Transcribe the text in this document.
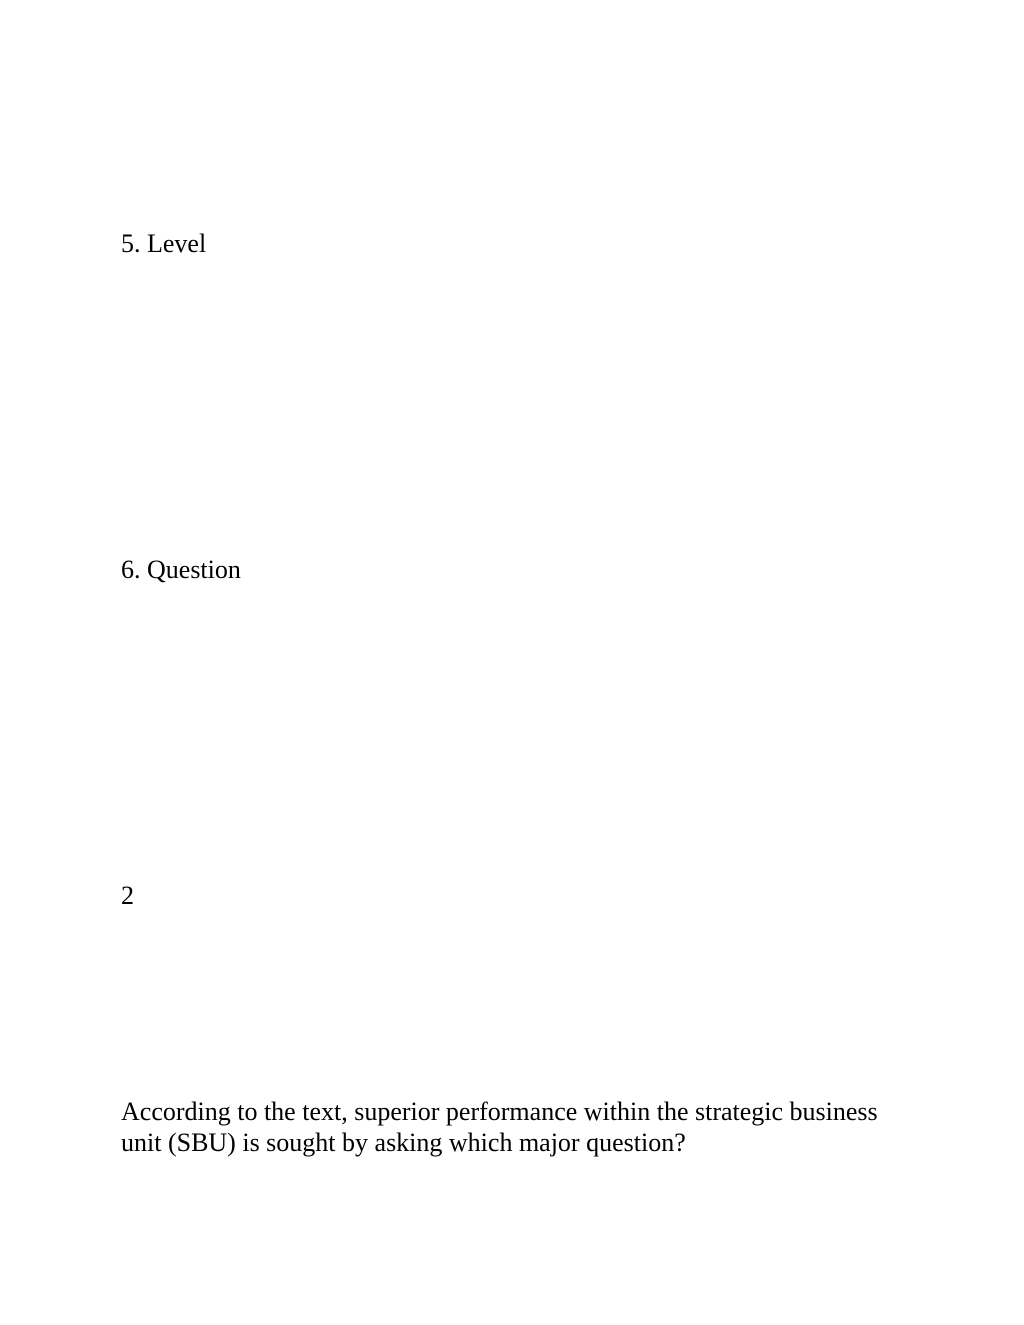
5. Level

6. Question

2

According to the text, superior performance within the strategic business
unit (SBU) is sought by asking which major question?
